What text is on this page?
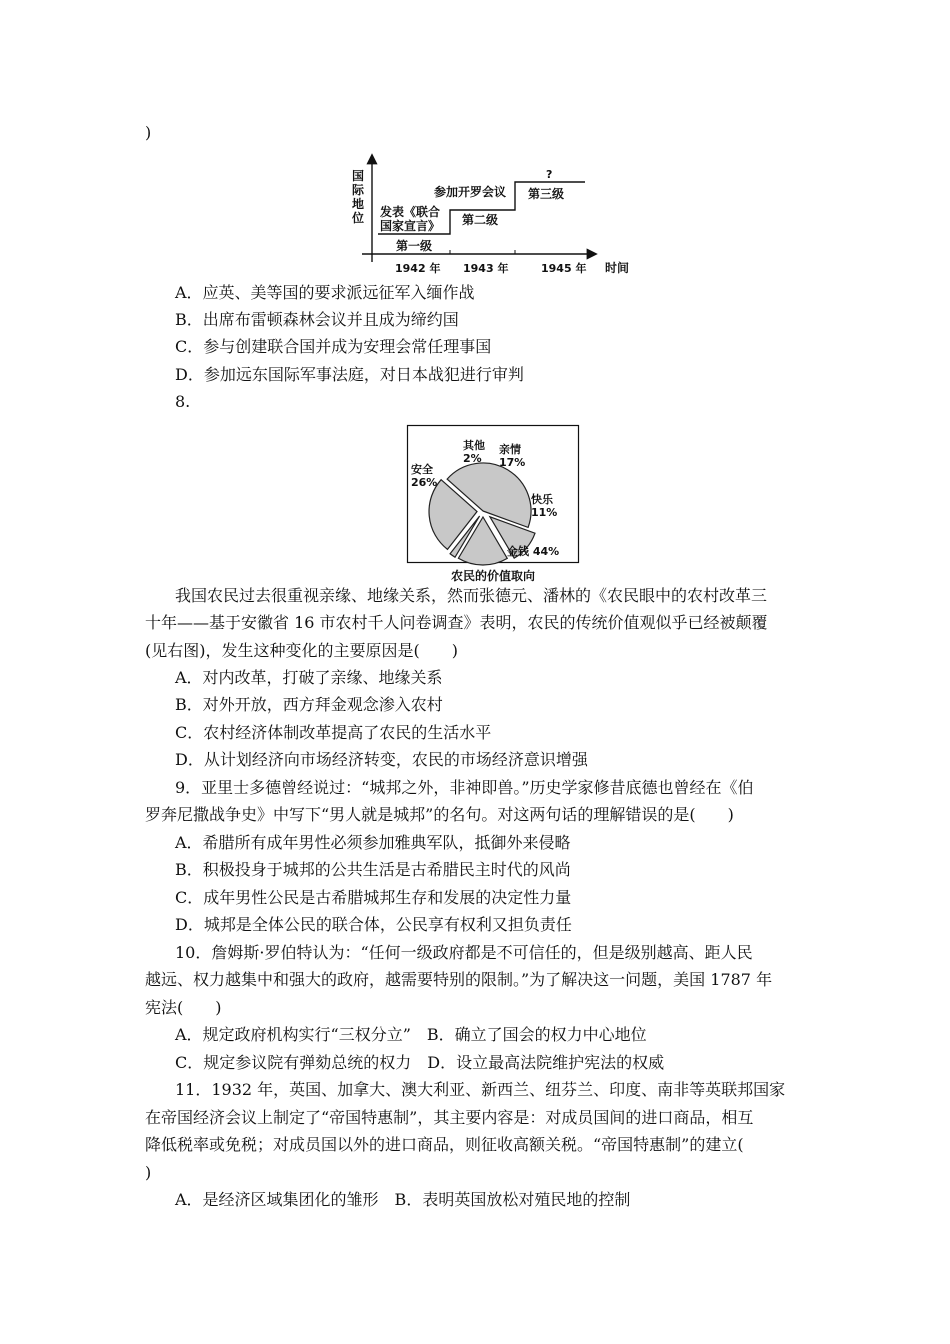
)
国
际
地
位 发表《联合
国家宣言》
第一级
参加开罗会议
第二级
第三级
?
1942 年 1943 年	1945 年 时间
A．应英、美等国的要求派远征军入缅作战
B．出席布雷顿森林会议并且成为缔约国
C．参与创建联合国并成为安理会常任理事国
D．参加远东国际军事法庭，对日本战犯进行审判
8.
金钱 44%
安全
26%
其他
2%
亲情
17%
快乐
11%
农民的价值取向
我国农民过去很重视亲缘、地缘关系，然而张德元、潘林的《农民眼中的农村改革三
十年——基于安徽省 16 市农村千人问卷调查》表明，农民的传统价值观似乎已经被颠覆
(见右图)，发生这种变化的主要原因是(　　)
A．对内改革，打破了亲缘、地缘关系
B．对外开放，西方拜金观念渗入农村
C．农村经济体制改革提高了农民的生活水平
D．从计划经济向市场经济转变，农民的市场经济意识增强
9．亚里士多德曾经说过：“城邦之外，非神即兽。”历史学家修昔底德也曾经在《伯
罗奔尼撒战争史》中写下“男人就是城邦”的名句。对这两句话的理解错误的是(　　)
A．希腊所有成年男性必须参加雅典军队，抵御外来侵略
B．积极投身于城邦的公共生活是古希腊民主时代的风尚
C．成年男性公民是古希腊城邦生存和发展的决定性力量
D．城邦是全体公民的联合体，公民享有权利又担负责任
10．詹姆斯·罗伯特认为：“任何一级政府都是不可信任的，但是级别越高、距人民
越远、权力越集中和强大的政府，越需要特别的限制。”为了解决这一问题，美国 1787 年
宪法(　　)
A．规定政府机构实行“三权分立”　B．确立了国会的权力中心地位
C．规定参议院有弹劾总统的权力　D．设立最高法院维护宪法的权威
11．1932 年，英国、加拿大、澳大利亚、新西兰、纽芬兰、印度、南非等英联邦国家
在帝国经济会议上制定了“帝国特惠制”，其主要内容是：对成员国间的进口商品，相互
降低税率或免税；对成员国以外的进口商品，则征收高额关税。“帝国特惠制”的建立(
)
A．是经济区域集团化的雏形　B．表明英国放松对殖民地的控制
